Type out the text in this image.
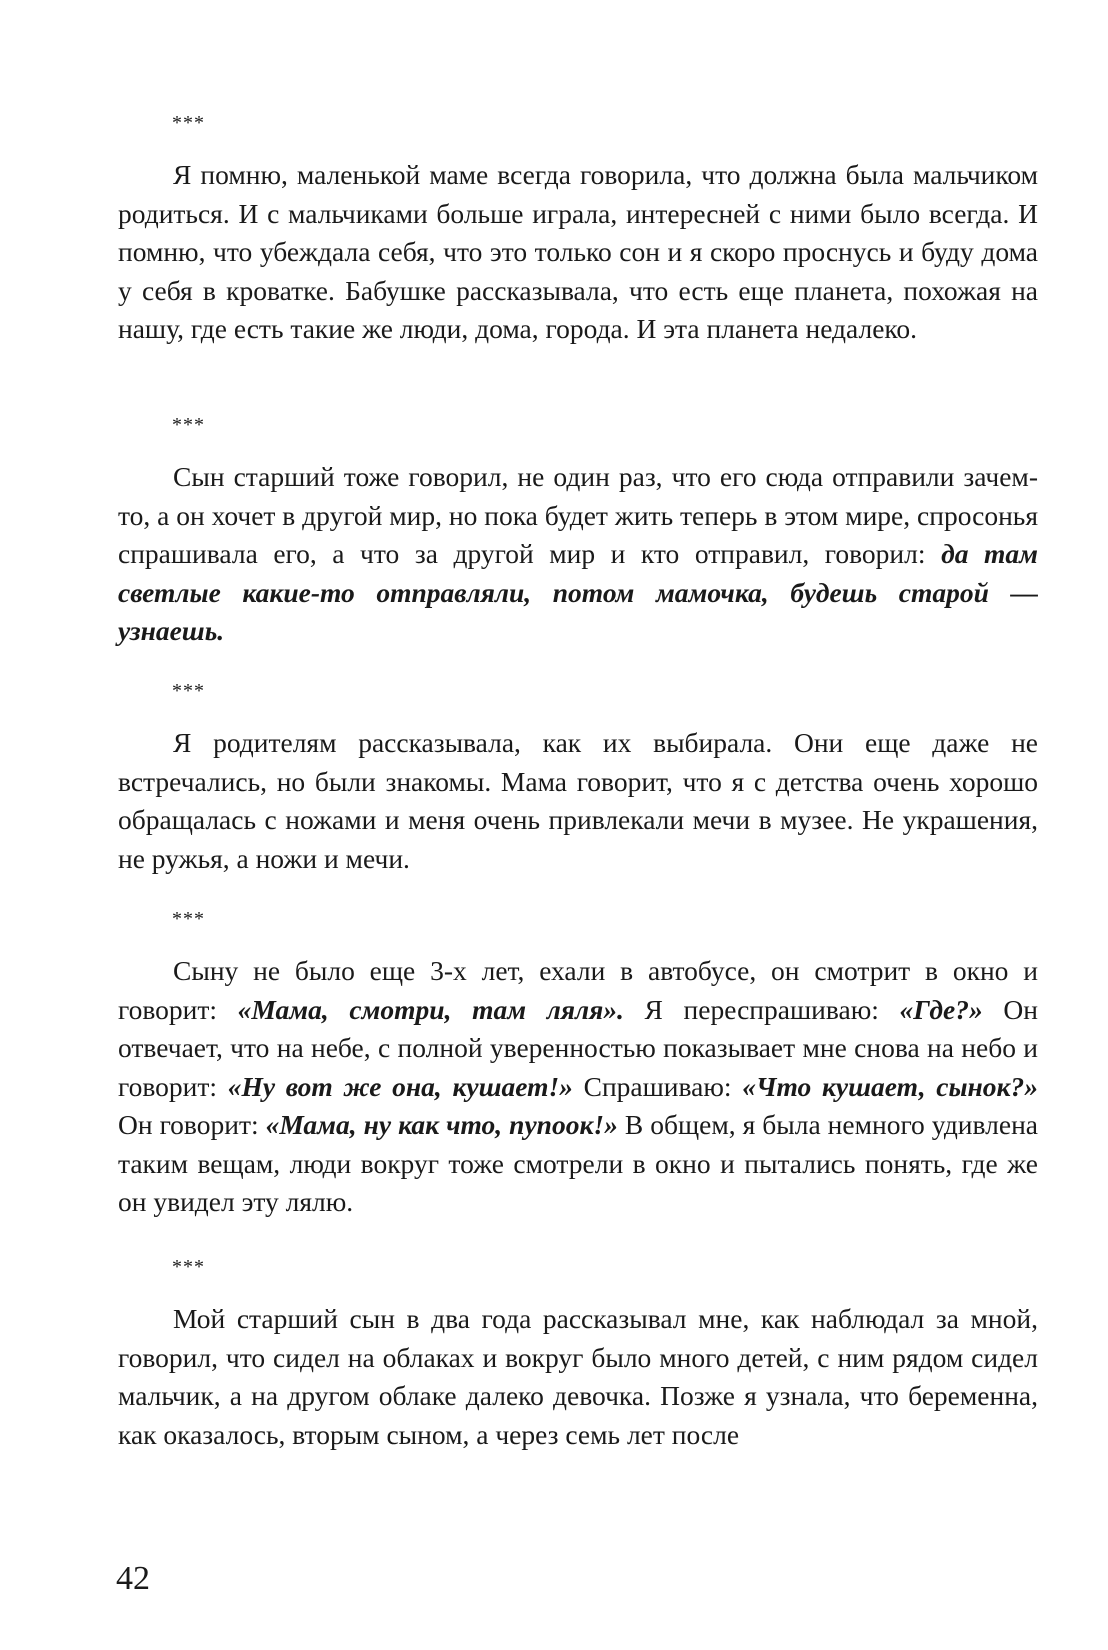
***

Я помню, маленькой маме всегда говорила, что должна была мальчиком родиться. И с мальчиками больше играла, интересней с ними было всегда. И помню, что убеждала себя, что это только сон и я скоро проснусь и буду дома у себя в кроватке. Бабушке рассказывала, что есть еще планета, похожая на нашу, где есть такие же люди, дома, города. И эта планета недалеко.

***

Сын старший тоже говорил, не один раз, что его сюда отправили зачем-то, а он хочет в другой мир, но пока будет жить теперь в этом мире, спросонья спрашивала его, а что за другой мир и кто отправил, говорил: да там светлые какие-то отправляли, потом мамочка, будешь старой — узнаешь.

***

Я родителям рассказывала, как их выбирала. Они еще даже не встречались, но были знакомы. Мама говорит, что я с детства очень хорошо обращалась с ножами и меня очень привлекали мечи в музее. Не украшения, не ружья, а ножи и мечи.

***

Сыну не было еще 3-х лет, ехали в автобусе, он смотрит в окно и говорит: «Мама, смотри, там ляля». Я переспрашиваю: «Где?» Он отвечает, что на небе, с полной уверенностью показывает мне снова на небо и говорит: «Ну вот же она, кушает!» Спрашиваю: «Что кушает, сынок?» Он говорит: «Мама, ну как что, пупоок!» В общем, я была немного удивлена таким вещам, люди вокруг тоже смотрели в окно и пытались понять, где же он увидел эту лялю.

***

Мой старший сын в два года рассказывал мне, как наблюдал за мной, говорил, что сидел на облаках и вокруг было много детей, с ним рядом сидел мальчик, а на другом облаке далеко девочка. Позже я узнала, что беременна, как оказалось, вторым сыном, а через семь лет после

42
